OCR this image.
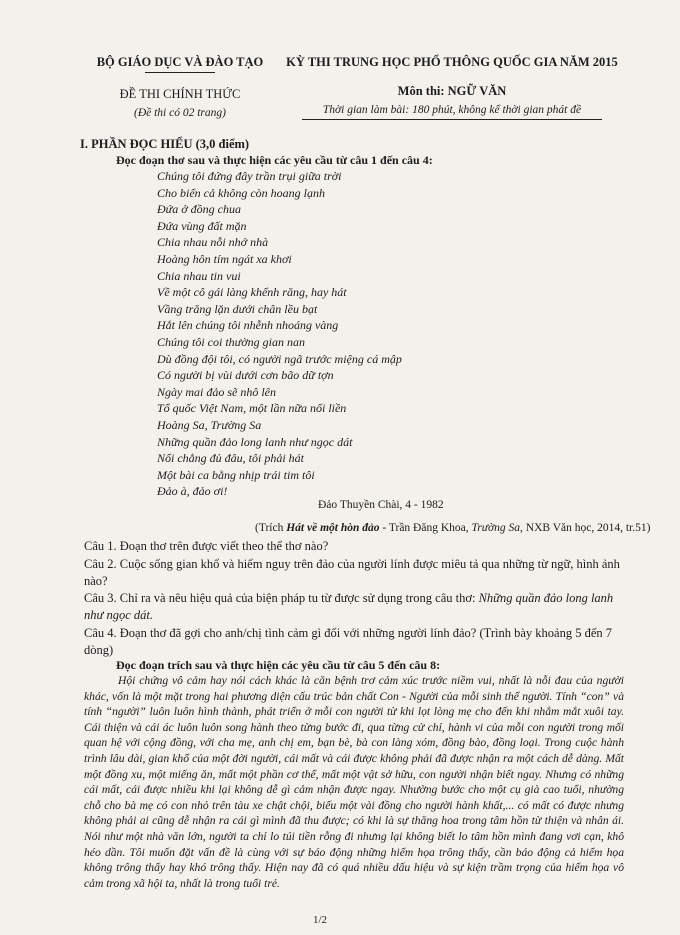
BỘ GIÁO DỤC VÀ ĐÀO TẠO
ĐỀ THI CHÍNH THỨC
(Đề thi có 02 trang)
KỲ THI TRUNG HỌC PHỔ THÔNG QUỐC GIA NĂM 2015
Môn thi: NGỮ VĂN
Thời gian làm bài: 180 phút, không kể thời gian phát đề
I. PHẦN ĐỌC HIỂU (3,0 điểm)
Đọc đoạn thơ sau và thực hiện các yêu cầu từ câu 1 đến câu 4:
Chúng tôi đứng đây trần trụi giữa trời
Cho biển cả không còn hoang lạnh
Đứa ở đồng chua
Đứa vùng đất mặn
Chia nhau nỗi nhớ nhà
Hoàng hôn tím ngát xa khơi
Chia nhau tin vui
Về một cô gái làng khểnh răng, hay hát
Vầng trăng lặn dưới chân lều bạt
Hắt lên chúng tôi nhễnh nhoáng vàng
Chúng tôi coi thường gian nan
Dù đồng đội tôi, có người ngã trước miệng cá mập
Có người bị vùi dưới cơn bão dữ tợn
Ngày mai đảo sẽ nhô lên
Tổ quốc Việt Nam, một lần nữa nối liền
Hoàng Sa, Trường Sa
Những quần đảo long lanh như ngọc dát
Nổi chẳng đủ đâu, tôi phải hát
Một bài ca bằng nhịp trái tim tôi
Đảo à, đảo ơi!
Đảo Thuyền Chài, 4 - 1982
(Trích Hát về một hòn đảo - Trần Đăng Khoa, Trường Sa, NXB Văn học, 2014, tr.51)
Câu 1. Đoạn thơ trên được viết theo thể thơ nào?
Câu 2. Cuộc sống gian khổ và hiểm nguy trên đảo của người lính được miêu tả qua những từ ngữ, hình ảnh nào?
Câu 3. Chỉ ra và nêu hiệu quả của biện pháp tu từ được sử dụng trong câu thơ: Những quần đảo long lanh như ngọc dát.
Câu 4. Đoạn thơ đã gợi cho anh/chị tình cảm gì đối với những người lính đảo? (Trình bày khoảng 5 đến 7 dòng)
Đọc đoạn trích sau và thực hiện các yêu cầu từ câu 5 đến câu 8:
Hội chứng vô cảm hay nói cách khác là căn bệnh trơ cảm xúc trước niềm vui, nhất là nỗi đau của người khác, vốn là một mặt trong hai phương diện cấu trúc bản chất Con - Người của mỗi sinh thể người. Tính “con” và tính “người” luôn luôn hình thành, phát triển ở mỗi con người từ khi lọt lòng mẹ cho đến khi nhắm mắt xuôi tay. Cái thiện và cái ác luôn luôn song hành theo từng bước đi, qua từng cử chỉ, hành vi của mỗi con người trong mối quan hệ với cộng đồng, với cha mẹ, anh chị em, bạn bè, bà con làng xóm, đồng bào, đồng loại. Trong cuộc hành trình lâu dài, gian khổ của một đời người, cái mất và cái được không phải đã được nhận ra một cách dễ dàng. Mất một đồng xu, một miếng ăn, mất một phần cơ thể, mất một vật sở hữu, con người nhận biết ngay. Nhưng có những cái mất, cái được nhiều khi lại không dễ gì cảm nhận được ngay. Nhường bước cho một cụ già cao tuổi, nhường chỗ cho bà mẹ có con nhỏ trên tàu xe chật chội, biếu một vài đồng cho người hành khất,... có mất có được nhưng không phải ai cũng dễ nhận ra cái gì mình đã thu được; có khi là sự thăng hoa trong tâm hồn từ thiện và nhân ái. Nói như một nhà văn lớn, người ta chỉ lo túi tiền rỗng đi nhưng lại không biết lo tâm hồn mình đang vơi cạn, khô héo dần. Tôi muốn đặt vấn đề là cùng với sự báo động những hiểm họa trông thấy, cần báo động cả hiểm họa không trông thấy hay khó trông thấy. Hiện nay đã có quá nhiều dấu hiệu và sự kiện trầm trọng của hiểm họa vô cảm trong xã hội ta, nhất là trong tuổi trẻ.
1/2
